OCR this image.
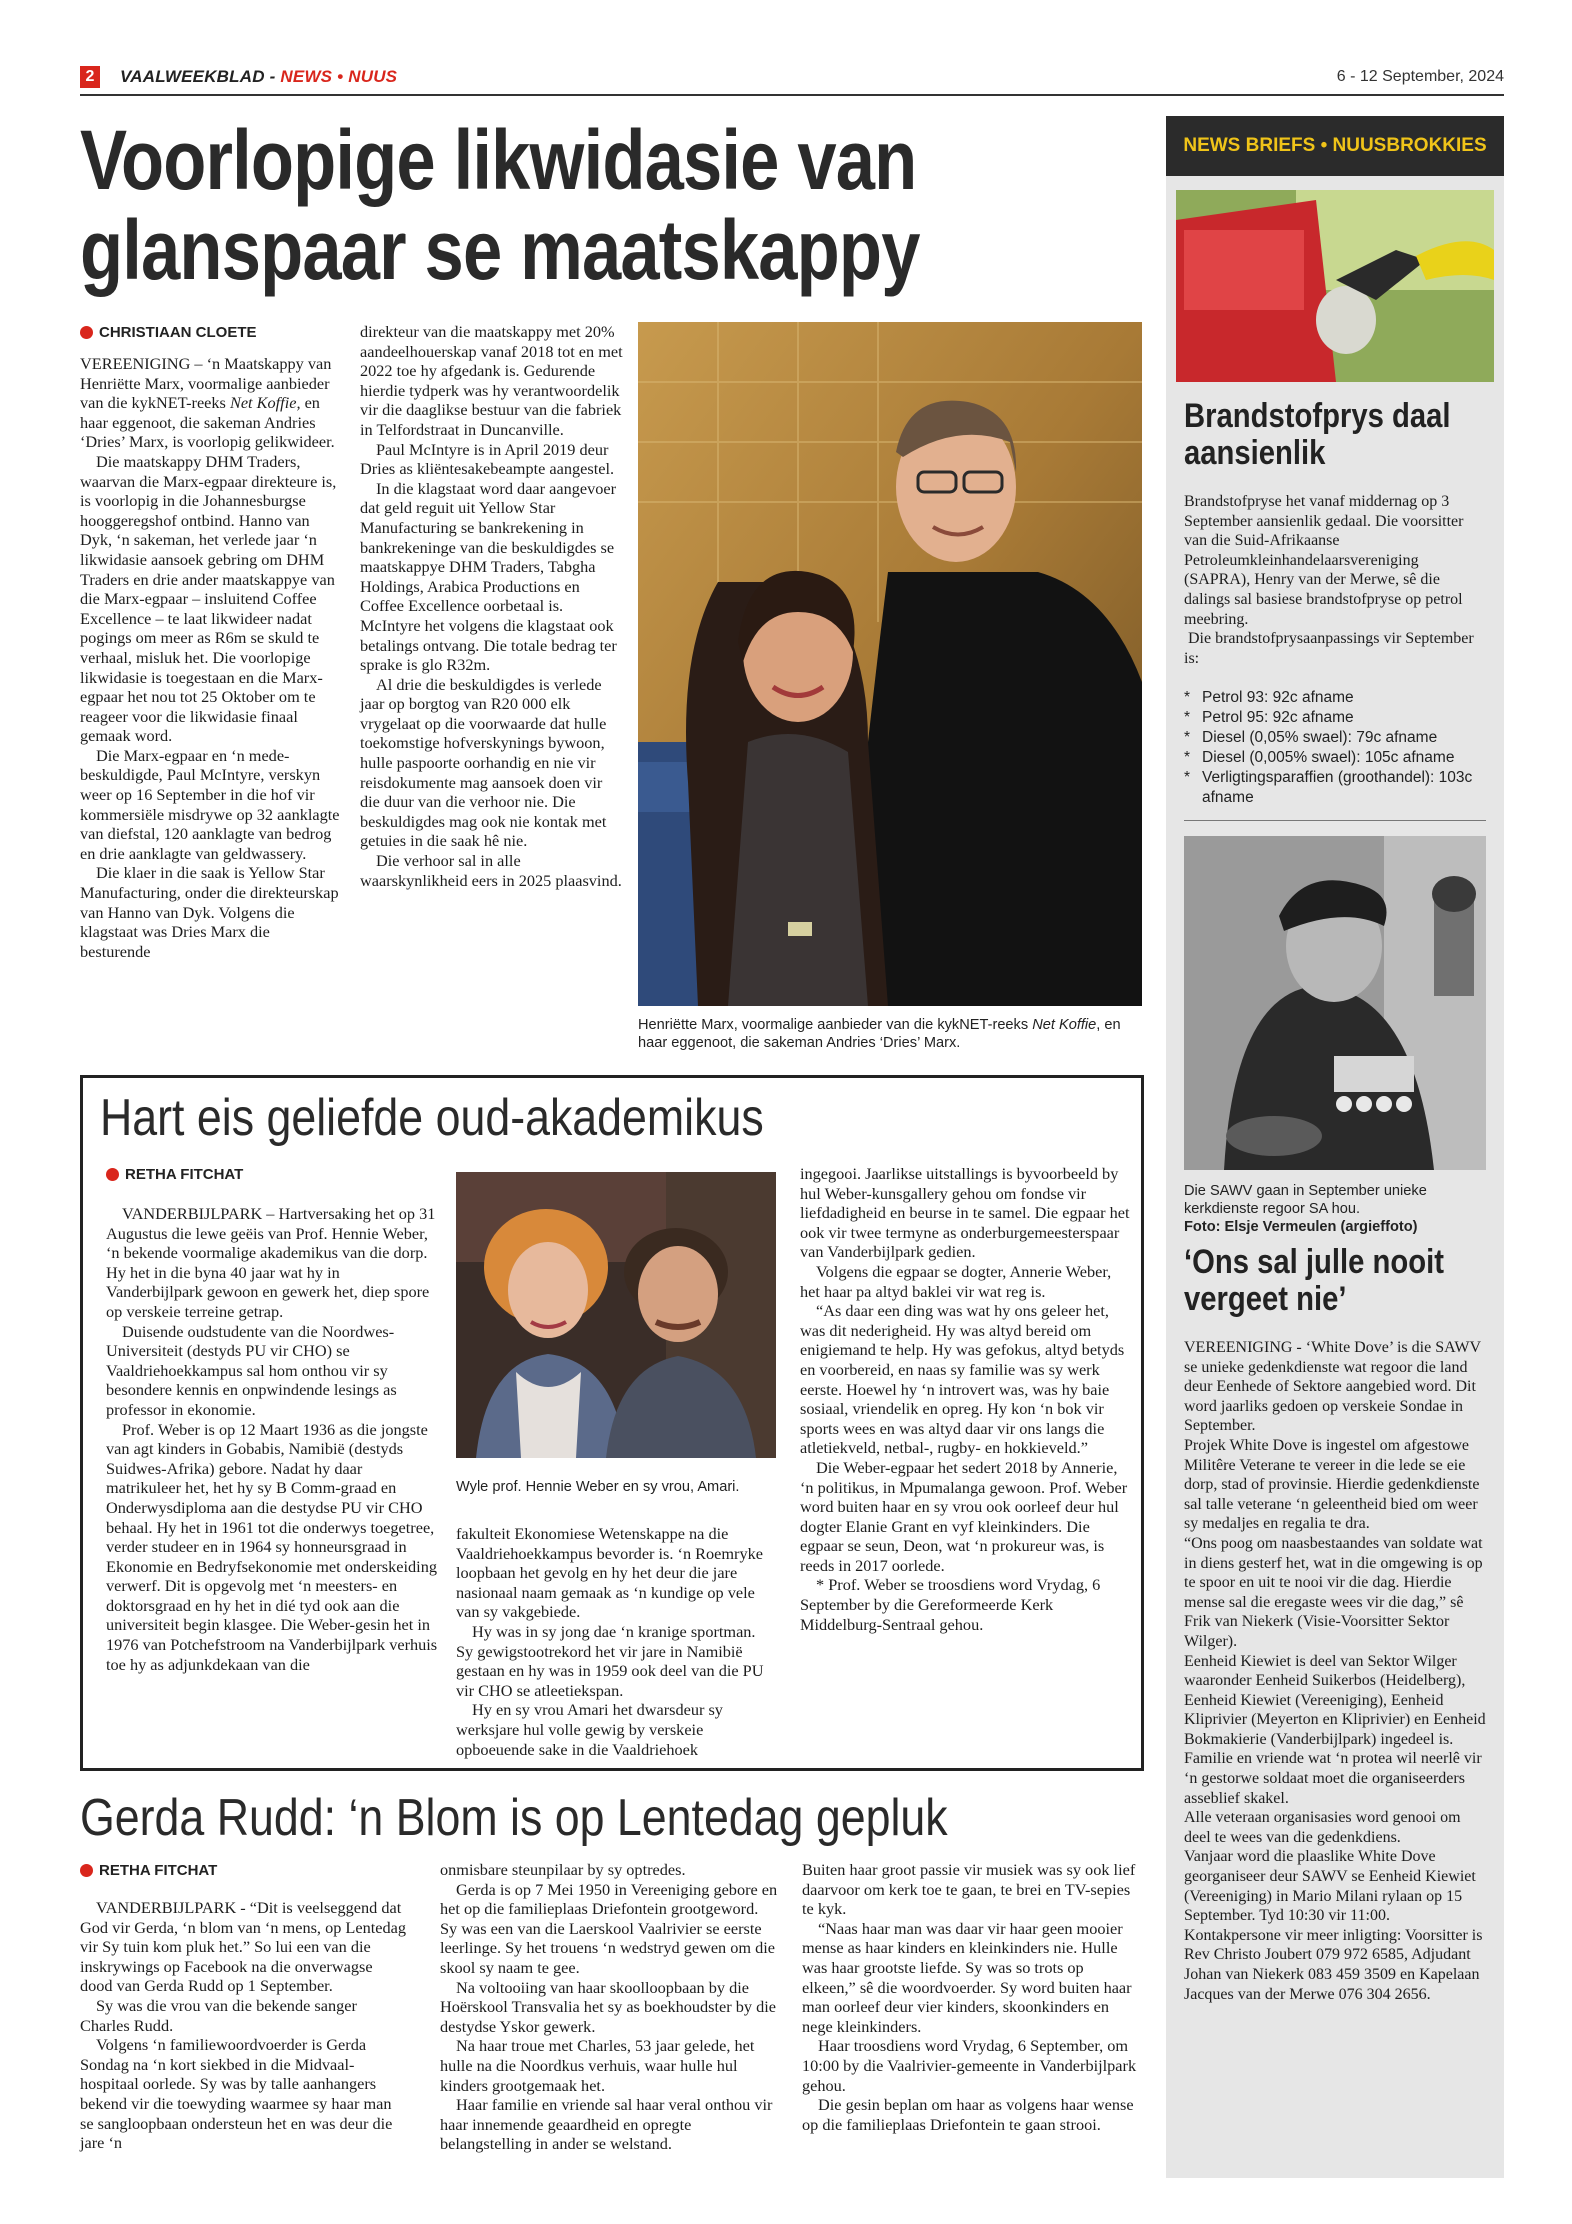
2	VAALWEEKBLAD - NEWS • NUUS	6 - 12 September, 2024
Voorlopige likwidasie van
glanspaar se maatskappy
CHRISTIAAN CLOETE

VEREENIGING – ‘n Maatskappy van Henriëtte Marx, voormalige aanbieder van die kykNET-reeks Net Koffie, en haar eggenoot, die sakeman Andries ‘Dries’ Marx, is voorlopig gelikwideer.

Die maatskappy DHM Traders, waarvan die Marx-egpaar direkteure is, is voorlopig in die Johannesburgse hooggeregshof ontbind. Hanno van Dyk, ‘n sakeman, het verlede jaar ‘n likwidasie aansoek gebring om DHM Traders en drie ander maatskappye van die Marx-egpaar – insluitend Coffee Excellence – te laat likwideer nadat pogings om meer as R6m se skuld te verhaal, misluk het. Die voorlopige likwidasie is toegestaan en die Marx-egpaar het nou tot 25 Oktober om te reageer voor die likwidasie finaal gemaak word.

Die Marx-egpaar en ‘n mede-beskuldigde, Paul McIntyre, verskyn weer op 16 September in die hof vir kommersiële misdrywe op 32 aanklagte van diefstal, 120 aanklagte van bedrog en drie aanklagte van geldwassery.

Die klaer in die saak is Yellow Star Manufacturing, onder die direkteurskap van Hanno van Dyk. Volgens die klagstaat was Dries Marx die besturende

direkteur van die maatskappy met 20% aandeelhouerskap vanaf 2018 tot en met 2022 toe hy afgedank is. Gedurende hierdie tydperk was hy verantwoordelik vir die daaglikse bestuur van die fabriek in Telfordstraat in Duncanville.

Paul McIntyre is in April 2019 deur Dries as kliëntesakebeampte aangestel.

In die klagstaat word daar aangevoer dat geld reguit uit Yellow Star Manufacturing se bankrekening in bankrekeninge van die beskuldigdes se maatskappye DHM Traders, Tabgha Holdings, Arabica Productions en Coffee Excellence oorbetaal is. McIntyre het volgens die klagstaat ook betalings ontvang. Die totale bedrag ter sprake is glo R32m.

Al drie die beskuldigdes is verlede jaar op borgtog van R20 000 elk vrygelaat op die voorwaarde dat hulle toekomstige hofverskynings bywoon, hulle paspoorte oorhandig en nie vir reisdokumente mag aansoek doen vir die duur van die verhoor nie. Die beskuldigdes mag ook nie kontak met getuies in die saak hê nie.

Die verhoor sal in alle waarskynlikheid eers in 2025 plaasvind.

Henriëtte Marx, voormalige aanbieder van die kykNET-reeks Net Koffie, en haar eggenoot, die sakeman Andries ‘Dries’ Marx.
Hart eis geliefde oud-akademikus
RETHA FITCHAT

VANDERBIJLPARK – Hartversaking het op 31 Augustus die lewe geëis van Prof. Hennie Weber, ‘n bekende voormalige akademikus van die dorp. Hy het in die byna 40 jaar wat hy in Vanderbijlpark gewoon en gewerk het, diep spore op verskeie terreine getrap.

Duisende oudstudente van die Noordwes-Universiteit (destyds PU vir CHO) se Vaaldriehoekkampus sal hom onthou vir sy besondere kennis en onpwindende lesings as professor in ekonomie.

Prof. Weber is op 12 Maart 1936 as die jongste van agt kinders in Gobabis, Namibië (destyds Suidwes-Afrika) gebore. Nadat hy daar matrikuleer het, het hy sy B Comm-graad en Onderwysdiploma aan die destydse PU vir CHO behaal. Hy het in 1961 tot die onderwys toegetree, verder studeer en in 1964 sy honneursgraad in Ekonomie en Bedryfsekonomie met onderskeiding verwerf. Dit is opgevolg met ‘n meesters- en doktorsgraad en hy het in dié tyd ook aan die universiteit begin klasgee. Die Weber-gesin het in 1976 van Potchefstroom na Vanderbijlpark verhuis toe hy as adjunkdekaan van die

Wyle prof. Hennie Weber en sy vrou, Amari.

fakulteit Ekonomiese Wetenskappe na die Vaaldriehoekkampus bevorder is. ‘n Roemryke loopbaan het gevolg en hy het deur die jare nasionaal naam gemaak as ‘n kundige op vele van sy vakgebiede.

Hy was in sy jong dae ‘n kranige sportman. Sy gewigstootrekord het vir jare in Namibië gestaan en hy was in 1959 ook deel van die PU vir CHO se atleetiekspan.

Hy en sy vrou Amari het dwarsdeur sy werksjare hul volle gewig by verskeie opboeuende sake in die Vaaldriehoek

ingegooi. Jaarlikse uitstallings is byvoorbeeld by hul Weber-kunsgallery gehou om fondse vir liefdadigheid en beurse in te samel. Die egpaar het ook vir twee termyne as onderburgemeesterspaar van Vanderbijlpark gedien.

Volgens die egpaar se dogter, Annerie Weber, het haar pa altyd baklei vir wat reg is.

“As daar een ding was wat hy ons geleer het, was dit nederigheid. Hy was altyd bereid om enigiemand te help. Hy was gefokus, altyd betyds en voorbereid, en naas sy familie was sy werk eerste. Hoewel hy ‘n introvert was, was hy baie sosiaal, vriendelik en opreg. Hy kon ‘n bok vir sports wees en was altyd daar vir ons langs die atletiekveld, netbal-, rugby- en hokkieveld.”

Die Weber-egpaar het sedert 2018 by Annerie, ‘n politikus, in Mpumalanga gewoon. Prof. Weber word buiten haar en sy vrou ook oorleef deur hul dogter Elanie Grant en vyf kleinkinders. Die egpaar se seun, Deon, wat ‘n prokureur was, is reeds in 2017 oorlede.

* Prof. Weber se troosdiens word Vrydag, 6 September by die Gereformeerde Kerk Middelburg-Sentraal gehou.

Gerda Rudd: ‘n Blom is op Lentedag gepluk
RETHA FITCHAT

VANDERBIJLPARK - “Dit is veelseggend dat God vir Gerda, ‘n blom van ‘n mens, op Lentedag vir Sy tuin kom pluk het.” So lui een van die inskrywings op Facebook na die onverwagse dood van Gerda Rudd op 1 September.

Sy was die vrou van die bekende sanger Charles Rudd.

Volgens ‘n familiewoordvoerder is Gerda Sondag na ‘n kort siekbed in die Midvaal-hospitaal oorlede. Sy was by talle aanhangers bekend vir die toewyding waarmee sy haar man se sangloopbaan ondersteun het en was deur die jare ‘n

onmisbare steunpilaar by sy optredes.

Gerda is op 7 Mei 1950 in Vereeniging gebore en het op die familieplaas Driefontein grootgeword. Sy was een van die Laerskool Vaalrivier se eerste leerlinge. Sy het trouens ‘n wedstryd gewen om die skool sy naam te gee.

Na voltooiing van haar skoolloopbaan by die Hoërskool Transvalia het sy as boekhoudster by die destydse Yskor gewerk.

Na haar troue met Charles, 53 jaar gelede, het hulle na die Noordkus verhuis, waar hulle hul kinders grootgemaak het.

Haar familie en vriende sal haar veral onthou vir haar innemende geaardheid en opregte belangstelling in ander se welstand.

Buiten haar groot passie vir musiek was sy ook lief daarvoor om kerk toe te gaan, te brei en TV-sepies te kyk.

“Naas haar man was daar vir haar geen mooier mense as haar kinders en kleinkinders nie. Hulle was haar grootste liefde. Sy was so trots op elkeen,” sê die woordvoerder. Sy word buiten haar man oorleef deur vier kinders, skoonkinders en nege kleinkinders.

Haar troosdiens word Vrydag, 6 September, om 10:00 by die Vaalrivier-gemeente in Vanderbijlpark gehou.

Die gesin beplan om haar as volgens haar wense op die familieplaas Driefontein te gaan strooi.

NEWS BRIEFS • NUUSBROKKIES
Brandstofprys daal
aansienlik

Brandstofpryse het vanaf middernag op 3 September aansienlik gedaal. Die voorsitter van die Suid-Afrikaanse Petroleumkleinhandelaarsvereniging (SAPRA), Henry van der Merwe, sê die dalings sal basiese brandstofpryse op petrol meebring.

Die brandstofprysaanpassings vir September is:

* Petrol 93: 92c afname
* Petrol 95: 92c afname
* Diesel (0,05% swael): 79c afname
* Diesel (0,005% swael): 105c afname
* Verligtingsparaffien (groothandel): 103c afname
Die SAWV gaan in September unieke kerkdienste regoor SA hou.
Foto: Elsje Vermeulen (argieffoto)
‘Ons sal julle nooit
vergeet nie’

VEREENIGING - ‘White Dove’ is die SAWV se unieke gedenkdienste wat regoor die land deur Eenhede of Sektore aangebied word. Dit word jaarliks gedoen op verskeie Sondae in September.

Projek White Dove is ingestel om afgestowe Militêre Veterane te vereer in die lede se eie dorp, stad of provinsie. Hierdie gedenkdienste sal talle veterane ‘n geleentheid bied om weer sy medaljes en regalia te dra.

“Ons poog om naasbestaandes van soldate wat in diens gesterf het, wat in die omgewing is op te spoor en uit te nooi vir die dag. Hierdie mense sal die eregaste wees vir die dag,” sê Frik van Niekerk (Visie-Voorsitter Sektor Wilger).

Eenheid Kiewiet is deel van Sektor Wilger waaronder Eenheid Suikerbos (Heidelberg), Eenheid Kiewiet (Vereeniging), Eenheid Kliprivier (Meyerton en Kliprivier) en Eenheid Bokmakierie (Vanderbijlpark) ingedeel is.

Familie en vriende wat ‘n protea wil neerlê vir ‘n gestorwe soldaat moet die organiseerders asseblief skakel.

Alle veteraan organisasies word genooi om deel te wees van die gedenkdiens.

Vanjaar word die plaaslike White Dove georganiseer deur SAWV se Eenheid Kiewiet (Vereeniging) in Mario Milani rylaan op 15 September. Tyd 10:30 vir 11:00. Kontakpersone vir meer inligting: Voorsitter is Rev Christo Joubert 079 972 6585, Adjudant Johan van Niekerk 083 459 3509 en Kapelaan Jacques van der Merwe 076 304 2656.
